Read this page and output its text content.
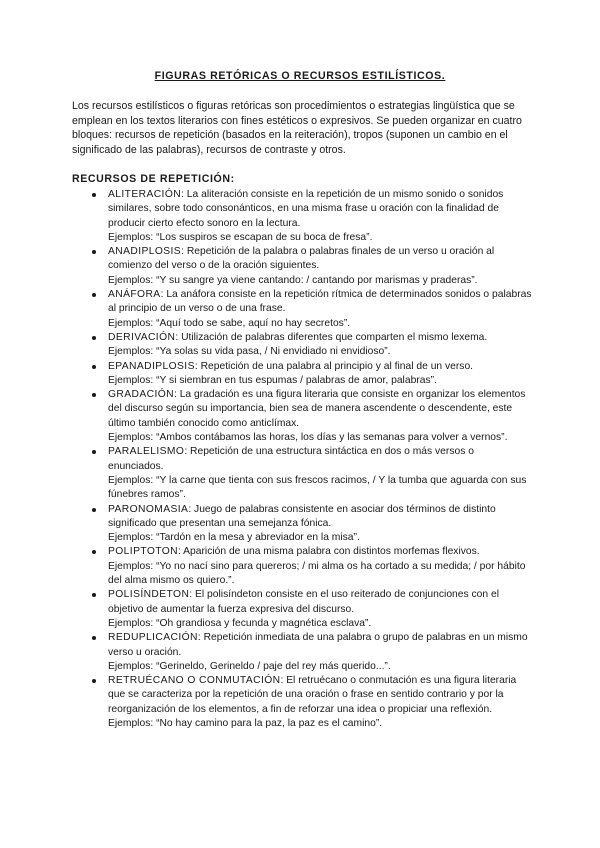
FIGURAS RETÓRICAS O RECURSOS ESTILÍSTICOS.

Los recursos estilísticos o figuras retóricas son procedimientos o estrategias lingüística que se emplean en los textos literarios con fines estéticos o expresivos. Se pueden organizar en cuatro bloques: recursos de repetición (basados en la reiteración), tropos (suponen un cambio en el significado de las palabras), recursos de contraste y otros.

RECURSOS DE REPETICIÓN:
ALITERACIÓN: La aliteración consiste en la repetición de un mismo sonido o sonidos similares, sobre todo consonánticos, en una misma frase u oración con la finalidad de producir cierto efecto sonoro en la lectura.
Ejemplos: “Los suspiros se escapan de su boca de fresa”.
ANADIPLOSIS: Repetición de la palabra o palabras finales de un verso u oración al comienzo del verso o de la oración siguientes.
Ejemplos: “Y su sangre ya viene cantando: / cantando por marismas y praderas”.
ANÁFORA: La anáfora consiste en la repetición rítmica de determinados sonidos o palabras al principio de un verso o de una frase.
Ejemplos: “Aquí todo se sabe, aquí no hay secretos”.
DERIVACIÓN: Utilización de palabras diferentes que comparten el mismo lexema.
Ejemplos: “Ya solas su vida pasa, / Ni envidiado ni envidioso”.
EPANADIPLOSIS: Repetición de una palabra al principio y al final de un verso.
Ejemplos: “Y si siembran en tus espumas / palabras de amor, palabras”.
GRADACIÓN: La gradación es una figura literaria que consiste en organizar los elementos del discurso según su importancia, bien sea de manera ascendente o descendente, este último también conocido como anticlímax.
Ejemplos: “Ambos contábamos las horas, los días y las semanas para volver a vernos”.
PARALELISMO: Repetición de una estructura sintáctica en dos o más versos o enunciados.
Ejemplos: “Y la carne que tienta con sus frescos racimos, / Y la tumba que aguarda con sus fúnebres ramos”.
PARONOMASIA: Juego de palabras consistente en asociar dos términos de distinto significado que presentan una semejanza fónica.
Ejemplos: “Tardón en la mesa y abreviador en la misa”.
POLIPTOTON: Aparición de una misma palabra con distintos morfemas flexivos.
Ejemplos: “Yo no nací sino para quereros; / mi alma os ha cortado a su medida; / por hábito del alma mismo os quiero.”.
POLISÍNDETON: El polisíndeton consiste en el uso reiterado de conjunciones con el objetivo de aumentar la fuerza expresiva del discurso.
Ejemplos: “Oh grandiosa y fecunda y magnética esclava”.
REDUPLICACIÓN: Repetición inmediata de una palabra o grupo de palabras en un mismo verso u oración.
Ejemplos: “Gerineldo, Gerineldo / paje del rey más querido...”.
RETRUÉCANO O CONMUTACIÓN: El retruécano o conmutación es una figura literaria que se caracteriza por la repetición de una oración o frase en sentido contrario y por la reorganización de los elementos, a fin de reforzar una idea o propiciar una reflexión.
Ejemplos: “No hay camino para la paz, la paz es el camino”.
